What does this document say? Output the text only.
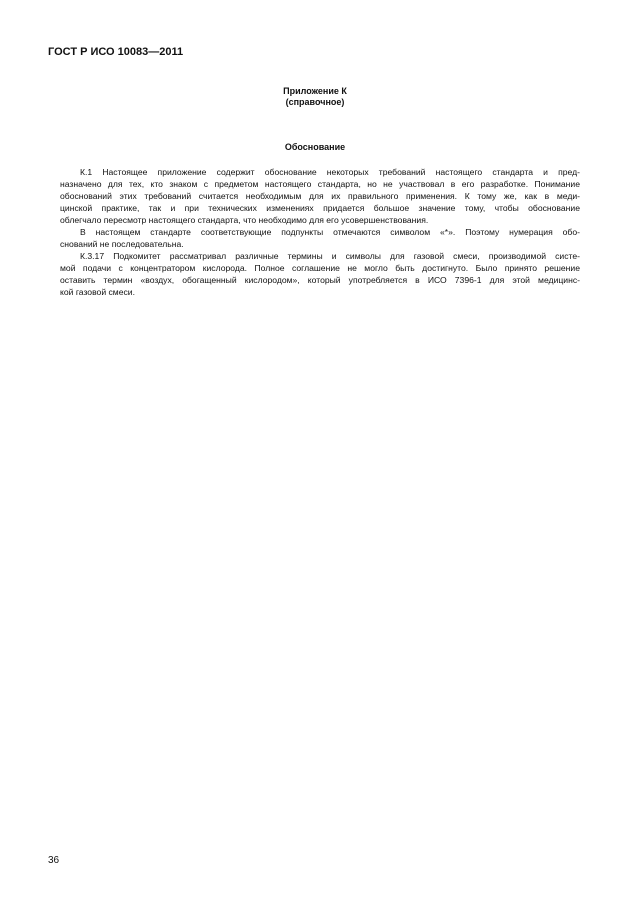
ГОСТ Р ИСО 10083—2011
Приложение К
(справочное)
Обоснование
К.1 Настоящее приложение содержит обоснование некоторых требований настоящего стандарта и пред-
назначено для тех, кто знаком с предметом настоящего стандарта, но не участвовал в его разработке. Понимание
обоснований этих требований считается необходимым для их правильного применения. К тому же, как в меди-
цинской практике, так и при технических изменениях придается большое значение тому, чтобы обоснование
облегчало пересмотр настоящего стандарта, что необходимо для его усовершенствования.
В настоящем стандарте соответствующие подпункты отмечаются символом «*». Поэтому нумерация обо-
снований не последовательна.
К.3.17 Подкомитет рассматривал различные термины и символы для газовой смеси, производимой систе-
мой подачи с концентратором кислорода. Полное соглашение не могло быть достигнуто. Было принято решение
оставить термин «воздух, обогащенный кислородом», который употребляется в ИСО 7396-1 для этой медицинс-
кой газовой смеси.
36
